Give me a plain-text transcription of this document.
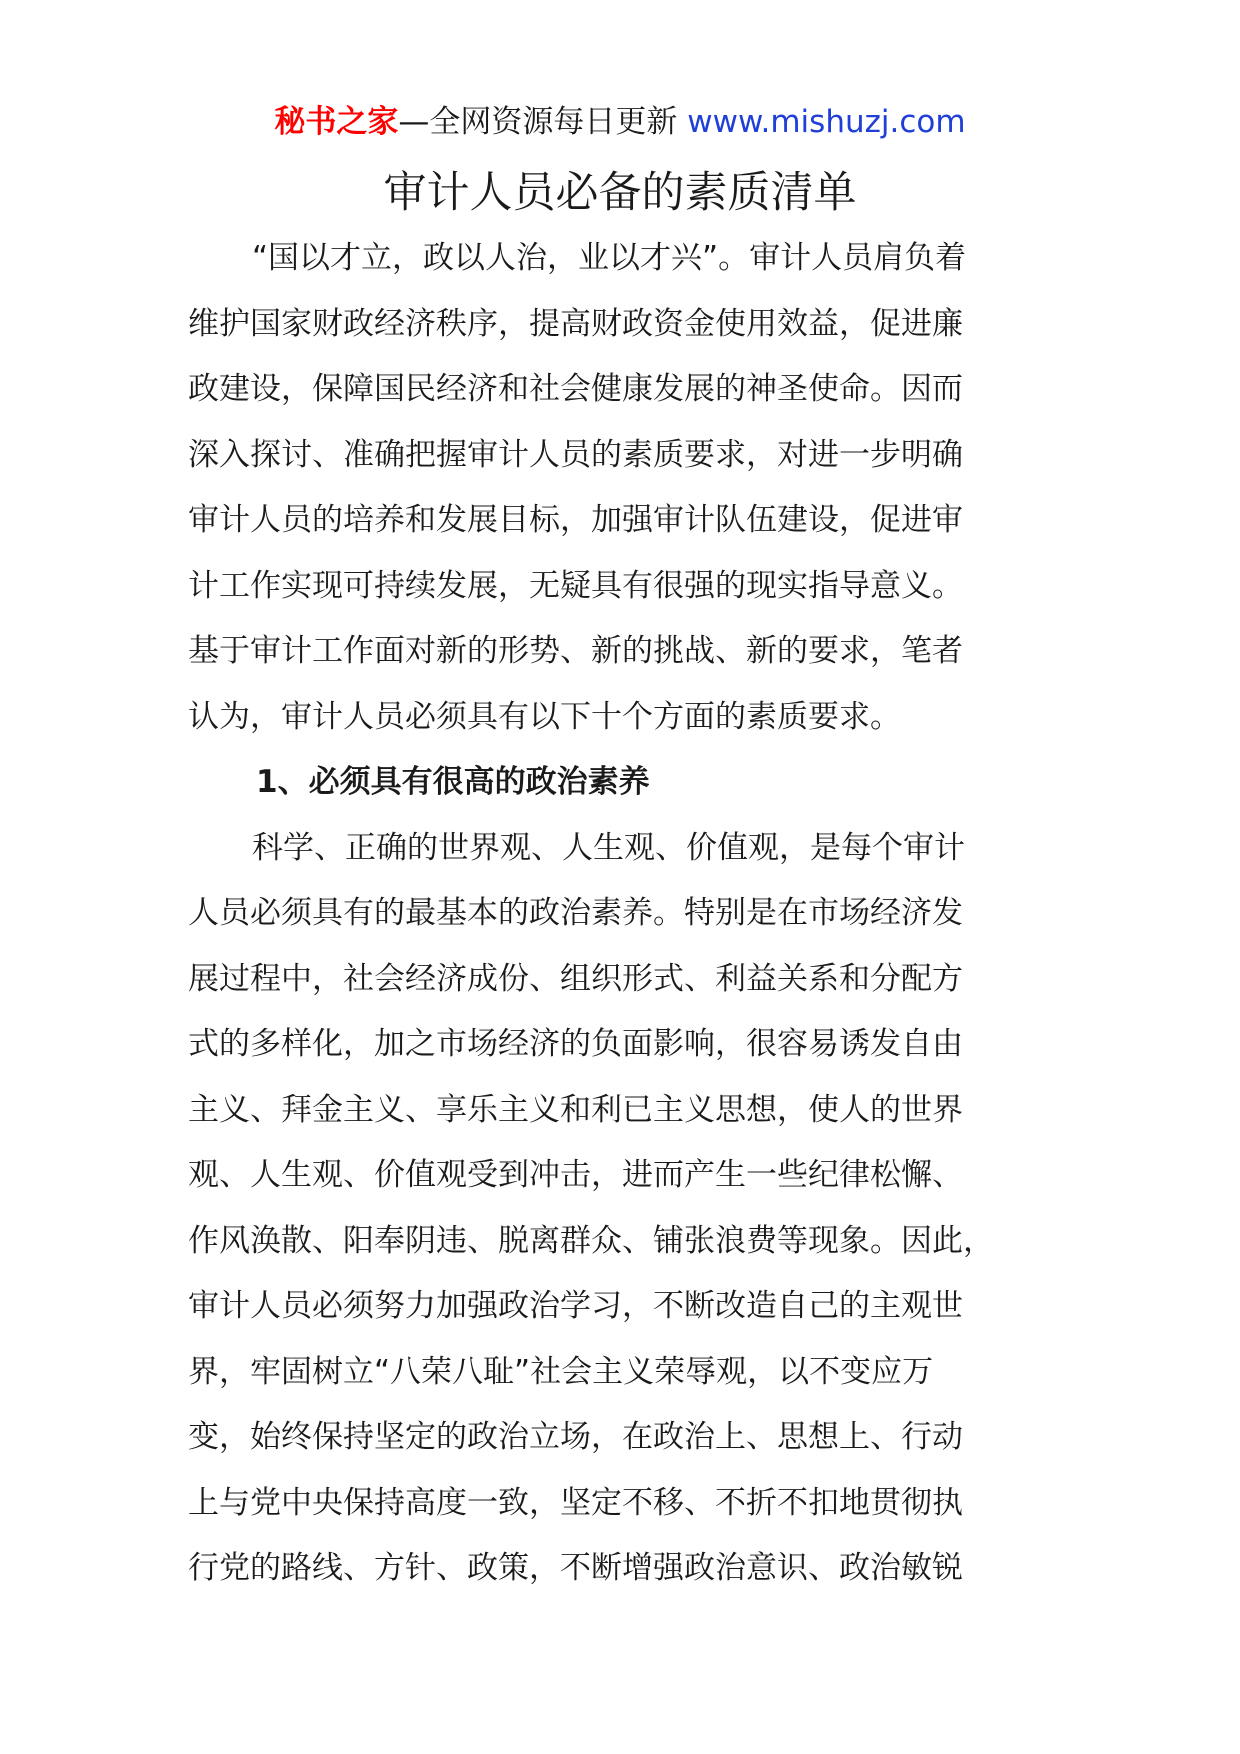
秘书之家—全网资源每日更新 www.mishuzj.com
审计人员必备的素质清单
“国以才立，政以人治，业以才兴”。审计人员肩负着
维护国家财政经济秩序，提高财政资金使用效益，促进廉
政建设，保障国民经济和社会健康发展的神圣使命。因而
深入探讨、准确把握审计人员的素质要求，对进一步明确
审计人员的培养和发展目标，加强审计队伍建设，促进审
计工作实现可持续发展，无疑具有很强的现实指导意义。
基于审计工作面对新的形势、新的挑战、新的要求，笔者
认为，审计人员必须具有以下十个方面的素质要求。
1、必须具有很高的政治素养
科学、正确的世界观、人生观、价值观，是每个审计
人员必须具有的最基本的政治素养。特别是在市场经济发
展过程中，社会经济成份、组织形式、利益关系和分配方
式的多样化，加之市场经济的负面影响，很容易诱发自由
主义、拜金主义、享乐主义和利已主义思想，使人的世界
观、人生观、价值观受到冲击，进而产生一些纪律松懈、
作风涣散、阳奉阴违、脱离群众、铺张浪费等现象。因此，
审计人员必须努力加强政治学习，不断改造自己的主观世
界，牢固树立“八荣八耻”社会主义荣辱观，以不变应万
变，始终保持坚定的政治立场，在政治上、思想上、行动
上与党中央保持高度一致，坚定不移、不折不扣地贯彻执
行党的路线、方针、政策，不断增强政治意识、政治敏锐
